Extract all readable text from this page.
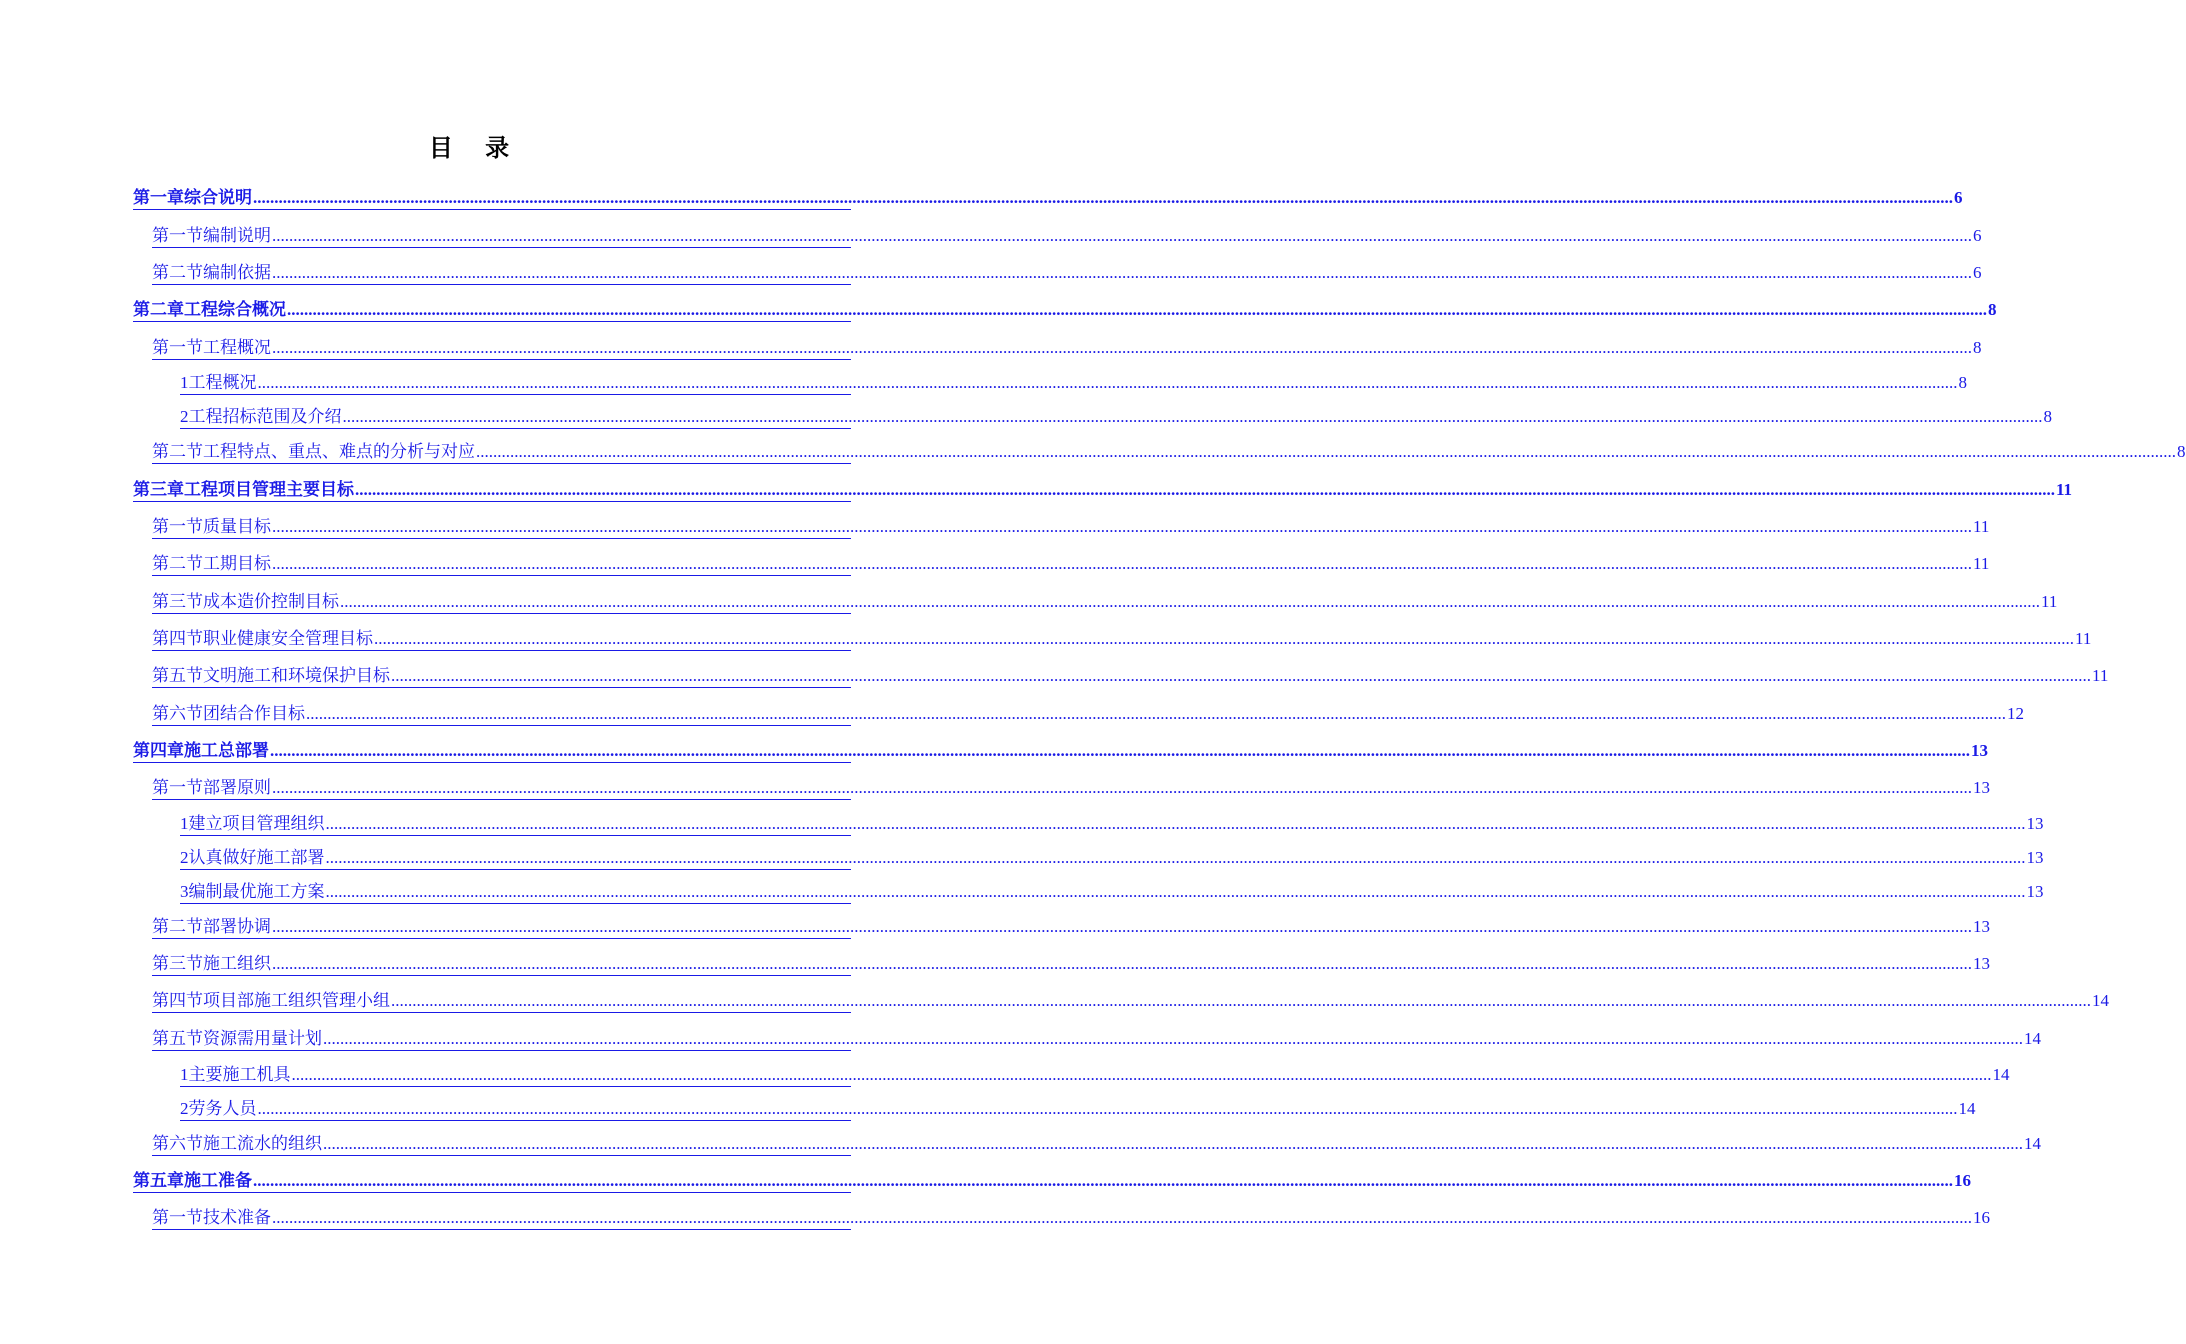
目 录
第一章 综合说明 ................................................................................................................................................................................................................................................................................................................................................................................................................ 6
第一节 编制说明 ................................................................................................................................................................................................................................................................................................................................................................................................................ 6
第二节 编制依据 ................................................................................................................................................................................................................................................................................................................................................................................................................ 6
第二章 工程综合概况 ................................................................................................................................................................................................................................................................................................................................................................................................................ 8
第一节 工程概况 ................................................................................................................................................................................................................................................................................................................................................................................................................ 8
1 工程概况 ................................................................................................................................................................................................................................................................................................................................................................................................................ 8
2 工程招标范围及介绍 ................................................................................................................................................................................................................................................................................................................................................................................................................ 8
第二节 工程特点、重点、难点的分析与对应 ................................................................................................................................................................................................................................................................................................................................................................................................................ 8
第三章 工程项目管理主要目标 ................................................................................................................................................................................................................................................................................................................................................................................................................ 11
第一节 质量目标 ................................................................................................................................................................................................................................................................................................................................................................................................................ 11
第二节 工期目标 ................................................................................................................................................................................................................................................................................................................................................................................................................ 11
第三节 成本造价控制目标 ................................................................................................................................................................................................................................................................................................................................................................................................................ 11
第四节 职业健康安全管理目标 ................................................................................................................................................................................................................................................................................................................................................................................................................ 11
第五节 文明施工和环境保护目标 ................................................................................................................................................................................................................................................................................................................................................................................................................ 11
第六节 团结合作目标 ................................................................................................................................................................................................................................................................................................................................................................................................................ 12
第四章 施工总部署 ................................................................................................................................................................................................................................................................................................................................................................................................................ 13
第一节 部署原则 ................................................................................................................................................................................................................................................................................................................................................................................................................ 13
1 建立项目管理组织 ................................................................................................................................................................................................................................................................................................................................................................................................................ 13
2 认真做好施工部署 ................................................................................................................................................................................................................................................................................................................................................................................................................ 13
3 编制最优施工方案 ................................................................................................................................................................................................................................................................................................................................................................................................................ 13
第二节 部署协调 ................................................................................................................................................................................................................................................................................................................................................................................................................ 13
第三节 施工组织 ................................................................................................................................................................................................................................................................................................................................................................................................................ 13
第四节 项目部施工组织管理小组 ................................................................................................................................................................................................................................................................................................................................................................................................................ 14
第五节 资源需用量计划 ................................................................................................................................................................................................................................................................................................................................................................................................................ 14
1 主要施工机具 ................................................................................................................................................................................................................................................................................................................................................................................................................ 14
2 劳务人员 ................................................................................................................................................................................................................................................................................................................................................................................................................ 14
第六节 施工流水的组织 ................................................................................................................................................................................................................................................................................................................................................................................................................ 14
第五章 施工准备 ................................................................................................................................................................................................................................................................................................................................................................................................................ 16
第一节 技术准备 ................................................................................................................................................................................................................................................................................................................................................................................................................ 16
